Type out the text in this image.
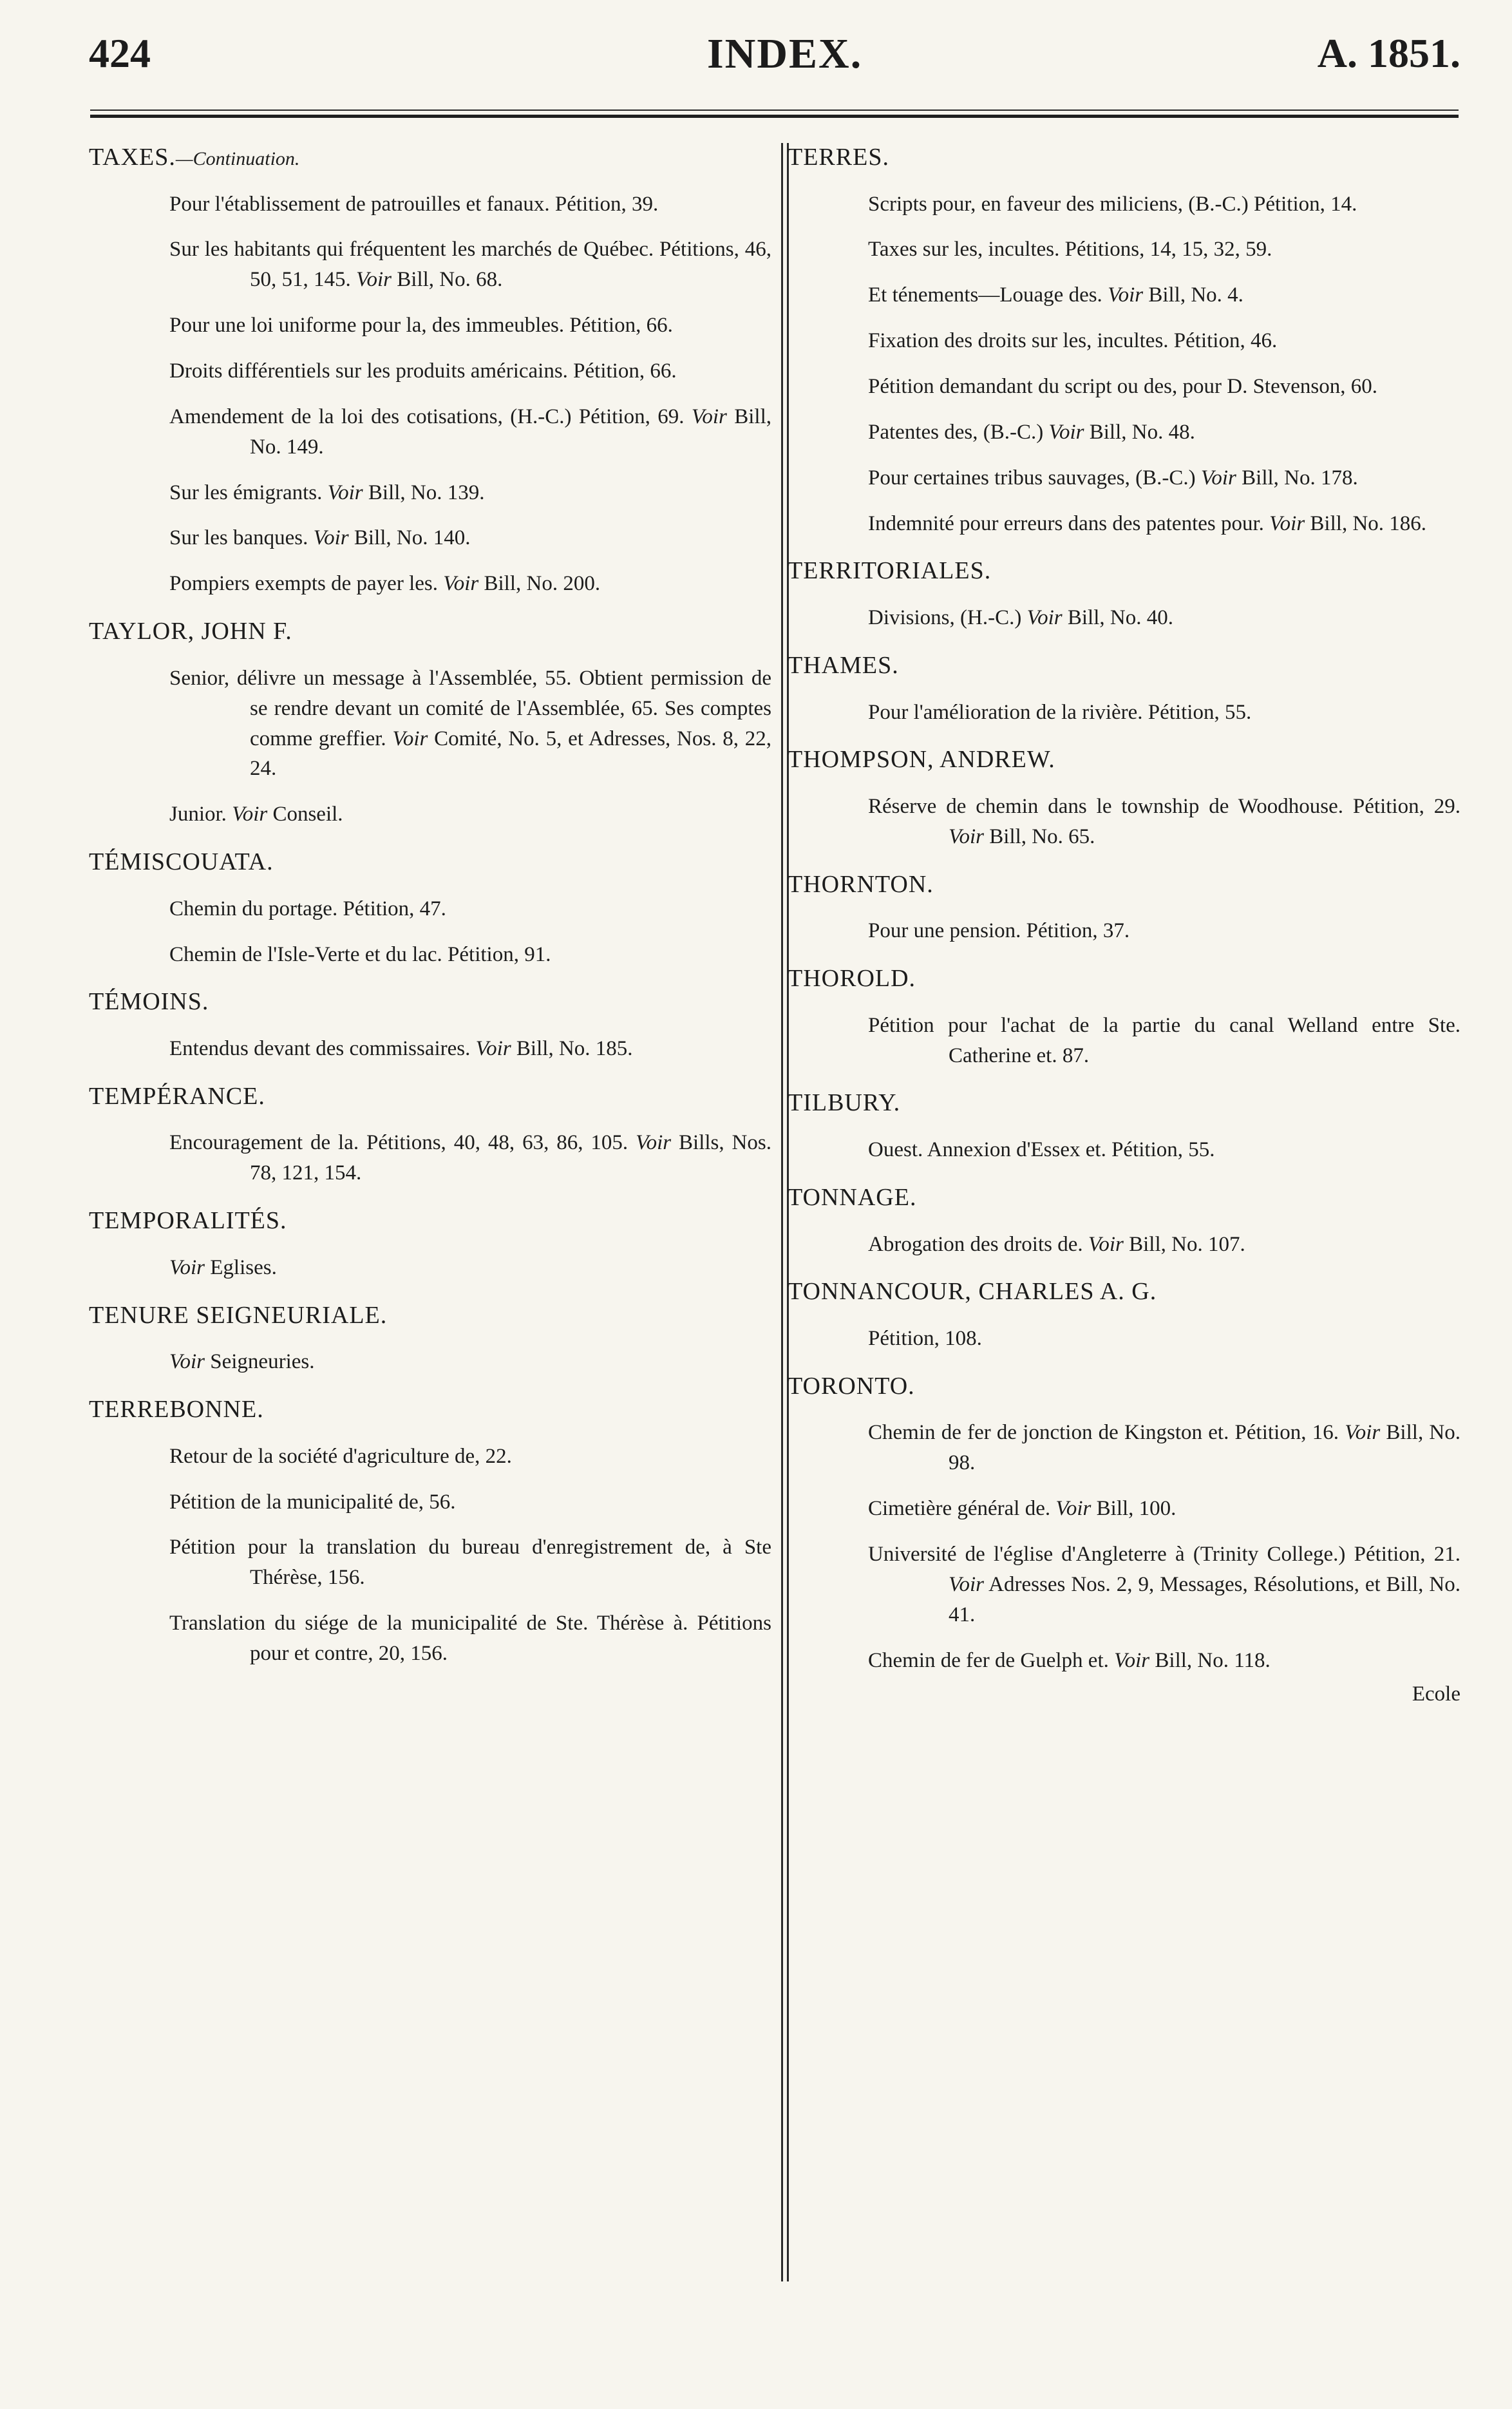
424	INDEX.	A. 1851.
TAXES.—Continuation.
Pour l'établissement de patrouilles et fanaux. Pétition, 39.
Sur les habitants qui fréquentent les marchés de Québec. Pétitions, 46, 50, 51, 145. Voir Bill, No. 68.
Pour une loi uniforme pour la, des immeubles. Pétition, 66.
Droits différentiels sur les produits américains. Pétition, 66.
Amendement de la loi des cotisations, (H.-C.) Pétition, 69. Voir Bill, No. 149.
Sur les émigrants. Voir Bill, No. 139.
Sur les banques. Voir Bill, No. 140.
Pompiers exempts de payer les. Voir Bill, No. 200.
TAYLOR, JOHN F.
Senior, délivre un message à l'Assemblée, 55. Obtient permission de se rendre devant un comité de l'Assemblée, 65. Ses comptes comme greffier. Voir Comité, No. 5, et Adresses, Nos. 8, 22, 24.
Junior. Voir Conseil.
TÉMISCOUATA.
Chemin du portage. Pétition, 47.
Chemin de l'Isle-Verte et du lac. Pétition, 91.
TÉMOINS.
Entendus devant des commissaires. Voir Bill, No. 185.
TEMPÉRANCE.
Encouragement de la. Pétitions, 40, 48, 63, 86, 105. Voir Bills, Nos. 78, 121, 154.
TEMPORALITÉS.
Voir Eglises.
TENURE SEIGNEURIALE.
Voir Seigneuries.
TERREBONNE.
Retour de la société d'agriculture de, 22.
Pétition de la municipalité de, 56.
Pétition pour la translation du bureau d'enregistrement de, à Ste Thérèse, 156.
Translation du siége de la municipalité de Ste. Thérèse à. Pétitions pour et contre, 20, 156.
TERRES.
Scripts pour, en faveur des miliciens, (B.-C.) Pétition, 14.
Taxes sur les, incultes. Pétitions, 14, 15, 32, 59.
Et ténements—Louage des. Voir Bill, No. 4.
Fixation des droits sur les, incultes. Pétition, 46.
Pétition demandant du script ou des, pour D. Stevenson, 60.
Patentes des, (B.-C.) Voir Bill, No. 48.
Pour certaines tribus sauvages, (B.-C.) Voir Bill, No. 178.
Indemnité pour erreurs dans des patentes pour. Voir Bill, No. 186.
TERRITORIALES.
Divisions, (H.-C.) Voir Bill, No. 40.
THAMES.
Pour l'amélioration de la rivière. Pétition, 55.
THOMPSON, ANDREW.
Réserve de chemin dans le township de Woodhouse. Pétition, 29. Voir Bill, No. 65.
THORNTON.
Pour une pension. Pétition, 37.
THOROLD.
Pétition pour l'achat de la partie du canal Welland entre Ste. Catherine et. 87.
TILBURY.
Ouest. Annexion d'Essex et. Pétition, 55.
TONNAGE.
Abrogation des droits de. Voir Bill, No. 107.
TONNANCOUR, CHARLES A. G.
Pétition, 108.
TORONTO.
Chemin de fer de jonction de Kingston et. Pétition, 16. Voir Bill, No. 98.
Cimetière général de. Voir Bill, 100.
Université de l'église d'Angleterre à (Trinity College.) Pétition, 21. Voir Adresses Nos. 2, 9, Messages, Résolutions, et Bill, No. 41.
Chemin de fer de Guelph et. Voir Bill, No. 118.
Ecole
